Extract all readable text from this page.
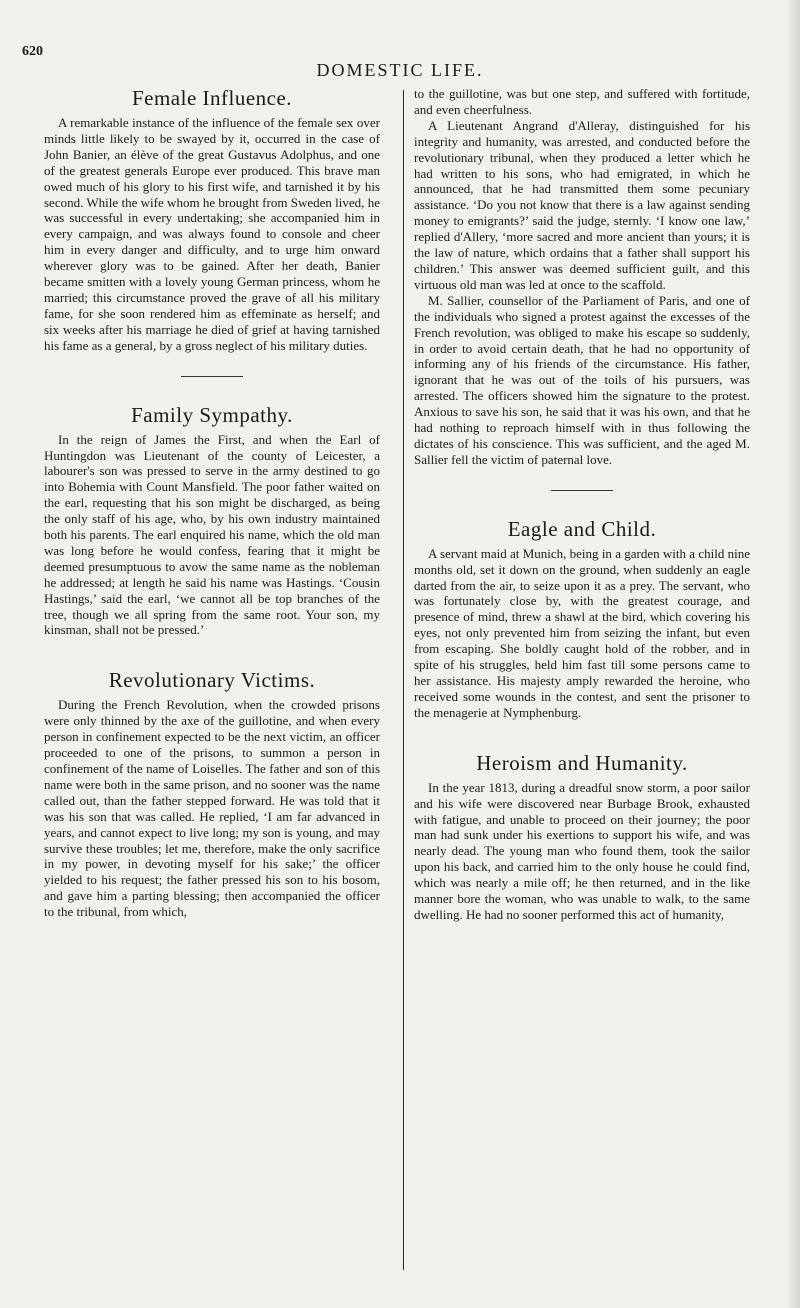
620
DOMESTIC LIFE.
Female Influence.

A remarkable instance of the influence of the female sex over minds little likely to be swayed by it, occurred in the case of John Banier, an élève of the great Gustavus Adolphus, and one of the greatest generals Europe ever produced. This brave man owed much of his glory to his first wife, and tarnished it by his second. While the wife whom he brought from Sweden lived, he was successful in every undertaking; she accompanied him in every campaign, and was always found to console and cheer him in every danger and difficulty, and to urge him onward wherever glory was to be gained. After her death, Banier became smitten with a lovely young German princess, whom he married; this circumstance proved the grave of all his military fame, for she soon rendered him as effeminate as herself; and six weeks after his marriage he died of grief at having tarnished his fame as a general, by a gross neglect of his military duties.

Family Sympathy.

In the reign of James the First, and when the Earl of Huntingdon was Lieutenant of the county of Leicester, a labourer's son was pressed to serve in the army destined to go into Bohemia with Count Mansfield. The poor father waited on the earl, requesting that his son might be discharged, as being the only staff of his age, who, by his own industry maintained both his parents. The earl enquired his name, which the old man was long before he would confess, fearing that it might be deemed presumptuous to avow the same name as the nobleman he addressed; at length he said his name was Hastings. ‘Cousin Hastings,’ said the earl, ‘we cannot all be top branches of the tree, though we all spring from the same root. Your son, my kinsman, shall not be pressed.’

Revolutionary Victims.

During the French Revolution, when the crowded prisons were only thinned by the axe of the guillotine, and when every person in confinement expected to be the next victim, an officer proceeded to one of the prisons, to summon a person in confinement of the name of Loiselles. The father and son of this name were both in the same prison, and no sooner was the name called out, than the father stepped forward. He was told that it was his son that was called. He replied, ‘I am far advanced in years, and cannot expect to live long; my son is young, and may survive these troubles; let me, therefore, make the only sacrifice in my power, in devoting myself for his sake;’ the officer yielded to his request; the father pressed his son to his bosom, and gave him a parting blessing; then accompanied the officer to the tribunal, from which,

to the guillotine, was but one step, and suffered with fortitude, and even cheerfulness.

A Lieutenant Angrand d'Alleray, distinguished for his integrity and humanity, was arrested, and conducted before the revolutionary tribunal, when they produced a letter which he had written to his sons, who had emigrated, in which he announced, that he had transmitted them some pecuniary assistance. ‘Do you not know that there is a law against sending money to emigrants?’ said the judge, sternly. ‘I know one law,’ replied d'Allery, ‘more sacred and more ancient than yours; it is the law of nature, which ordains that a father shall support his children.’ This answer was deemed sufficient guilt, and this virtuous old man was led at once to the scaffold.

M. Sallier, counsellor of the Parliament of Paris, and one of the individuals who signed a protest against the excesses of the French revolution, was obliged to make his escape so suddenly, in order to avoid certain death, that he had no opportunity of informing any of his friends of the circumstance. His father, ignorant that he was out of the toils of his pursuers, was arrested. The officers showed him the signature to the protest. Anxious to save his son, he said that it was his own, and that he had nothing to reproach himself with in thus following the dictates of his conscience. This was sufficient, and the aged M. Sallier fell the victim of paternal love.

Eagle and Child.

A servant maid at Munich, being in a garden with a child nine months old, set it down on the ground, when suddenly an eagle darted from the air, to seize upon it as a prey. The servant, who was fortunately close by, with the greatest courage, and presence of mind, threw a shawl at the bird, which covering his eyes, not only prevented him from seizing the infant, but even from escaping. She boldly caught hold of the robber, and in spite of his struggles, held him fast till some persons came to her assistance. His majesty amply rewarded the heroine, who received some wounds in the contest, and sent the prisoner to the menagerie at Nymphenburg.

Heroism and Humanity.

In the year 1813, during a dreadful snow storm, a poor sailor and his wife were discovered near Burbage Brook, exhausted with fatigue, and unable to proceed on their journey; the poor man had sunk under his exertions to support his wife, and was nearly dead. The young man who found them, took the sailor upon his back, and carried him to the only house he could find, which was nearly a mile off; he then returned, and in the like manner bore the woman, who was unable to walk, to the same dwelling. He had no sooner performed this act of humanity,
